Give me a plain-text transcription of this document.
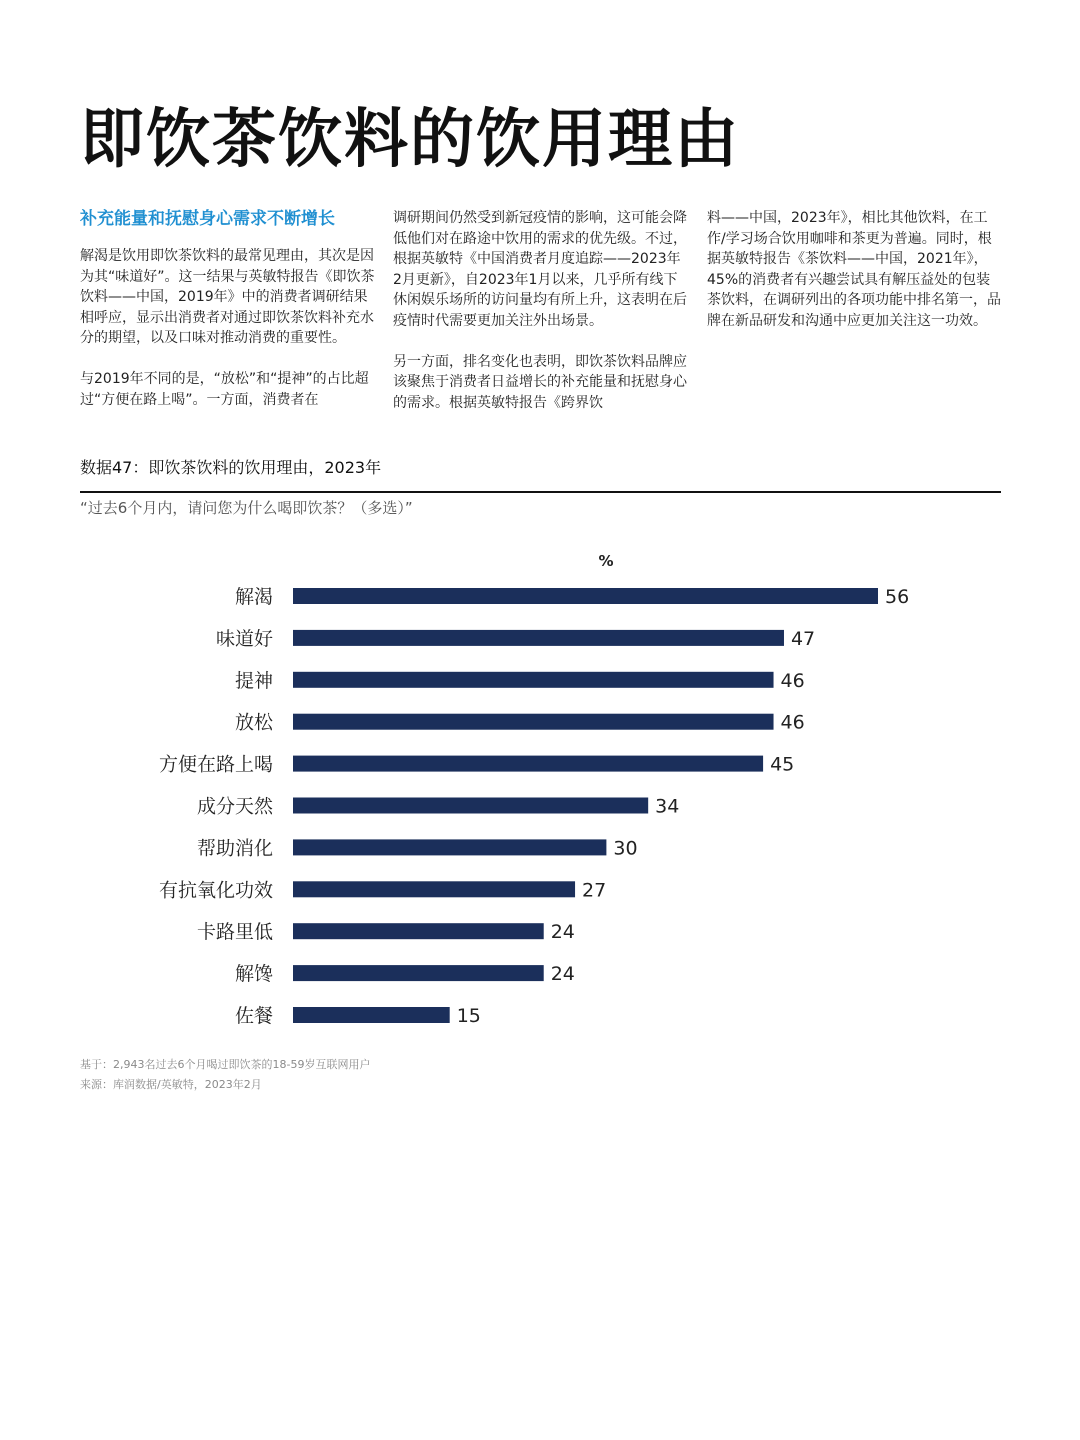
即饮茶饮料的饮用理由
补充能量和抚慰身心需求不断增长

解渴是饮用即饮茶饮料的最常见理由，其次是因为其“味道好”。这一结果与英敏特报告《即饮茶饮料——中国，2019年》中的消费者调研结果相呼应，显示出消费者对通过即饮茶饮料补充水分的期望，以及口味对推动消费的重要性。

与2019年不同的是，“放松”和“提神”的占比超过“方便在路上喝”。一方面，消费者在

调研期间仍然受到新冠疫情的影响，这可能会降低他们对在路途中饮用的需求的优先级。不过，根据英敏特《中国消费者月度追踪——2023年2月更新》，自2023年1月以来，几乎所有线下休闲娱乐场所的访问量均有所上升，这表明在后疫情时代需要更加关注外出场景。

另一方面，排名变化也表明，即饮茶饮料品牌应该聚焦于消费者日益增长的补充能量和抚慰身心的需求。根据英敏特报告《跨界饮

料——中国，2023年》，相比其他饮料，在工作/学习场合饮用咖啡和茶更为普遍。同时，根据英敏特报告《茶饮料——中国，2021年》，45%的消费者有兴趣尝试具有解压益处的包装茶饮料，在调研列出的各项功能中排名第一，品牌在新品研发和沟通中应更加关注这一功效。

数据47：即饮茶饮料的饮用理由，2023年
“过去6个月内，请问您为什么喝即饮茶？（多选）”
%
解渴	56
味道好	47
提神	46
放松	46
方便在路上喝	45
成分天然	34
帮助消化	30
有抗氧化功效	27
卡路里低	24
解馋	24
佐餐	15
基于：2,943名过去6个月喝过即饮茶的18-59岁互联网用户
来源：库润数据/英敏特，2023年2月
